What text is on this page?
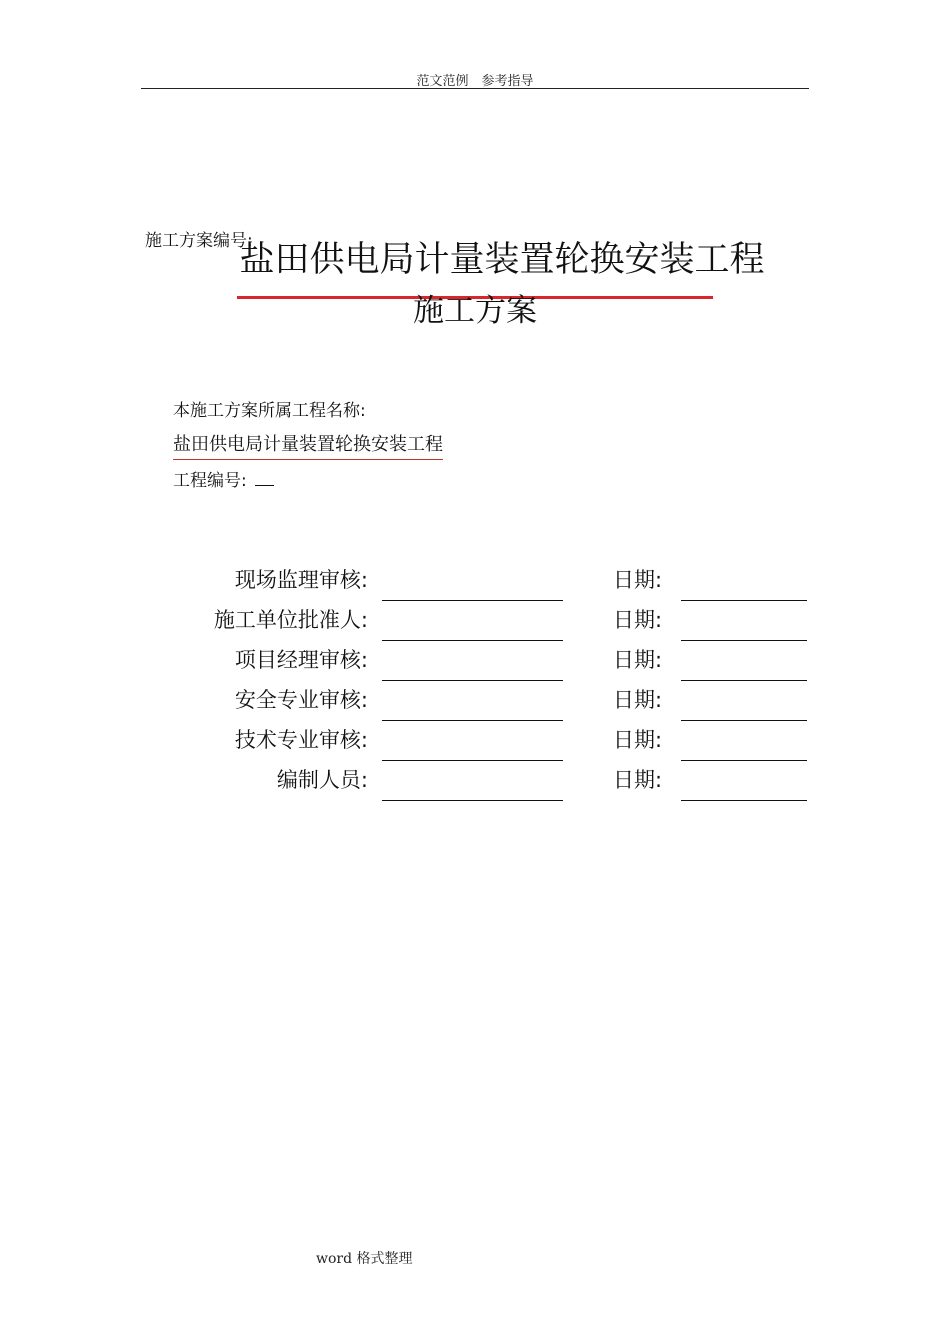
范文范例　参考指导
施工方案编号:
盐田供电局计量装置轮换安装工程
施工方案
本施工方案所属工程名称:
盐田供电局计量装置轮换安装工程
工程编号:
现场监理审核:	日期:
施工单位批准人:	日期:
项目经理审核:	日期:
安全专业审核:	日期:
技术专业审核:	日期:
编制人员:	日期:
word 格式整理
